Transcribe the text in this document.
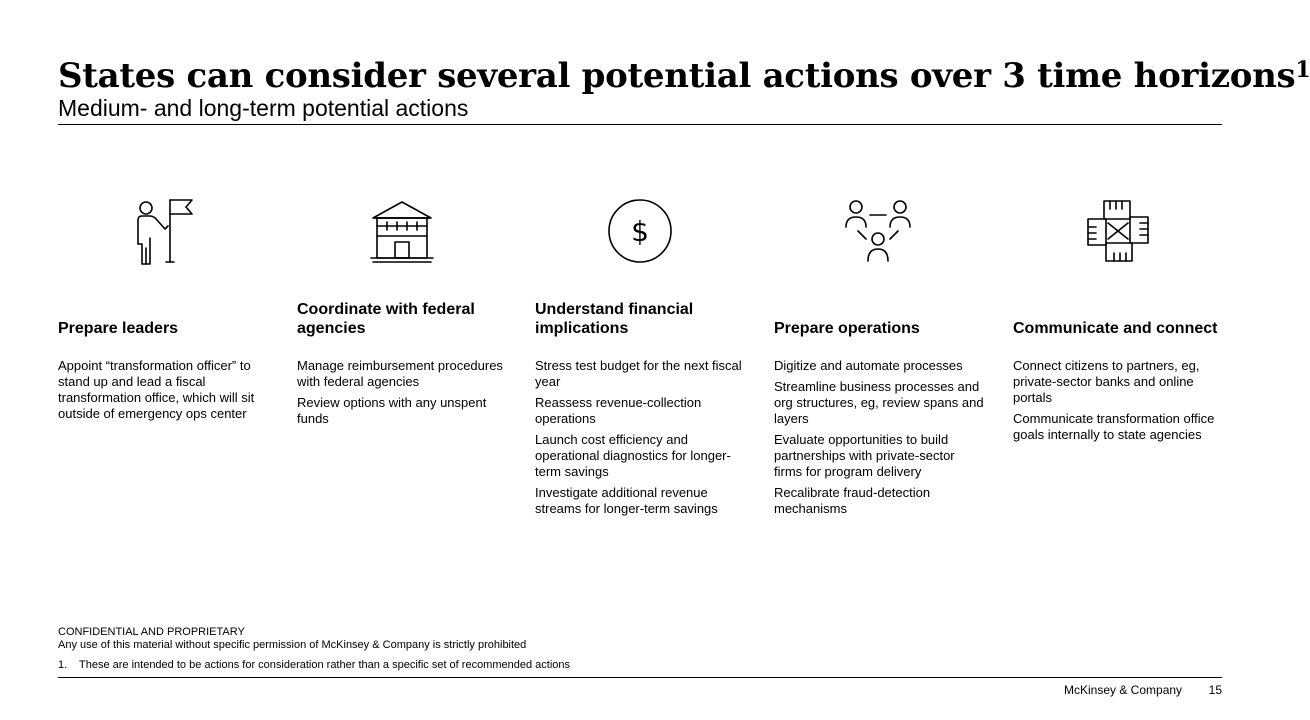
States can consider several potential actions over 3 time horizons$^1$
Medium- and long-term potential actions
Prepare leaders
Appoint “transformation officer” to stand up and lead a fiscal transformation office, which will sit outside of emergency ops center
Coordinate with federal agencies
Manage reimbursement procedures with federal agencies
Review options with any unspent funds
$
Understand financial implications
Stress test budget for the next fiscal year
Reassess revenue-collection operations
Launch cost efficiency and operational diagnostics for longer-term savings
Investigate additional revenue streams for longer-term savings
Prepare operations
Digitize and automate processes
Streamline business processes and org structures, eg, review spans and layers
Evaluate opportunities to build partnerships with private-sector firms for program delivery
Recalibrate fraud-detection mechanisms
Communicate and connect
Connect citizens to partners, eg, private-sector banks and online portals
Communicate transformation office goals internally to state agencies
CONFIDENTIAL AND PROPRIETARY
Any use of this material without specific permission of McKinsey & Company is strictly prohibited
1. These are intended to be actions for consideration rather than a specific set of recommended actions
McKinsey & Company 15
